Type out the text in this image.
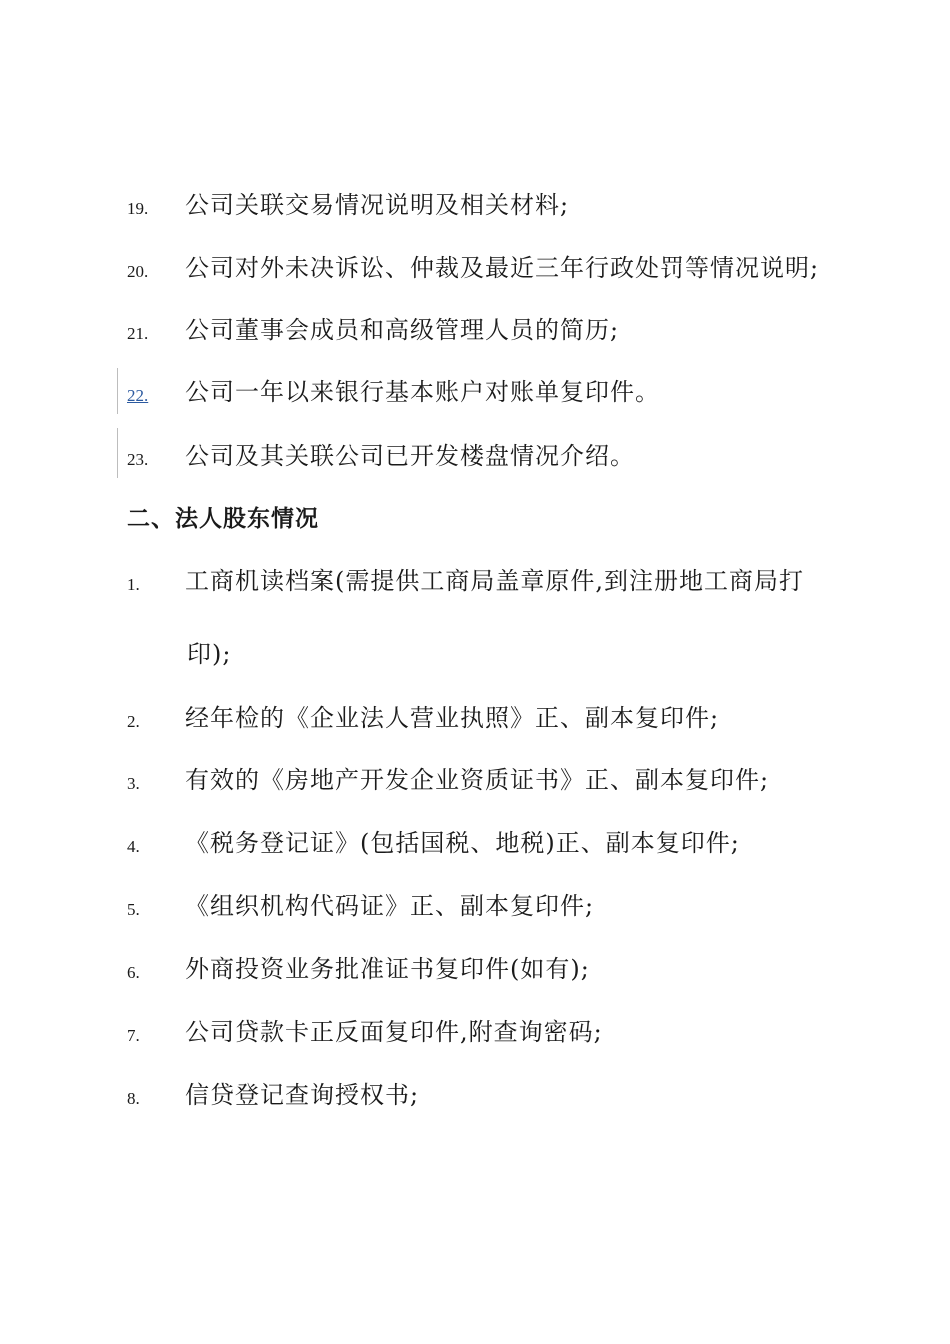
19. 公司关联交易情况说明及相关材料;
20. 公司对外未决诉讼、仲裁及最近三年行政处罚等情况说明;
21. 公司董事会成员和高级管理人员的简历;
22.	公司一年以来银行基本账户对账单复印件。
23. 公司及其关联公司已开发楼盘情况介绍。
二、法人股东情况
1. 工商机读档案(需提供工商局盖章原件,到注册地工商局打
印);
2. 经年检的《企业法人营业执照》正、副本复印件;
3. 有效的《房地产开发企业资质证书》正、副本复印件;
4. 《税务登记证》(包括国税、地税)正、副本复印件;
5. 《组织机构代码证》正、副本复印件;
6. 外商投资业务批准证书复印件(如有);
7. 公司贷款卡正反面复印件,附查询密码;
8. 信贷登记查询授权书;
